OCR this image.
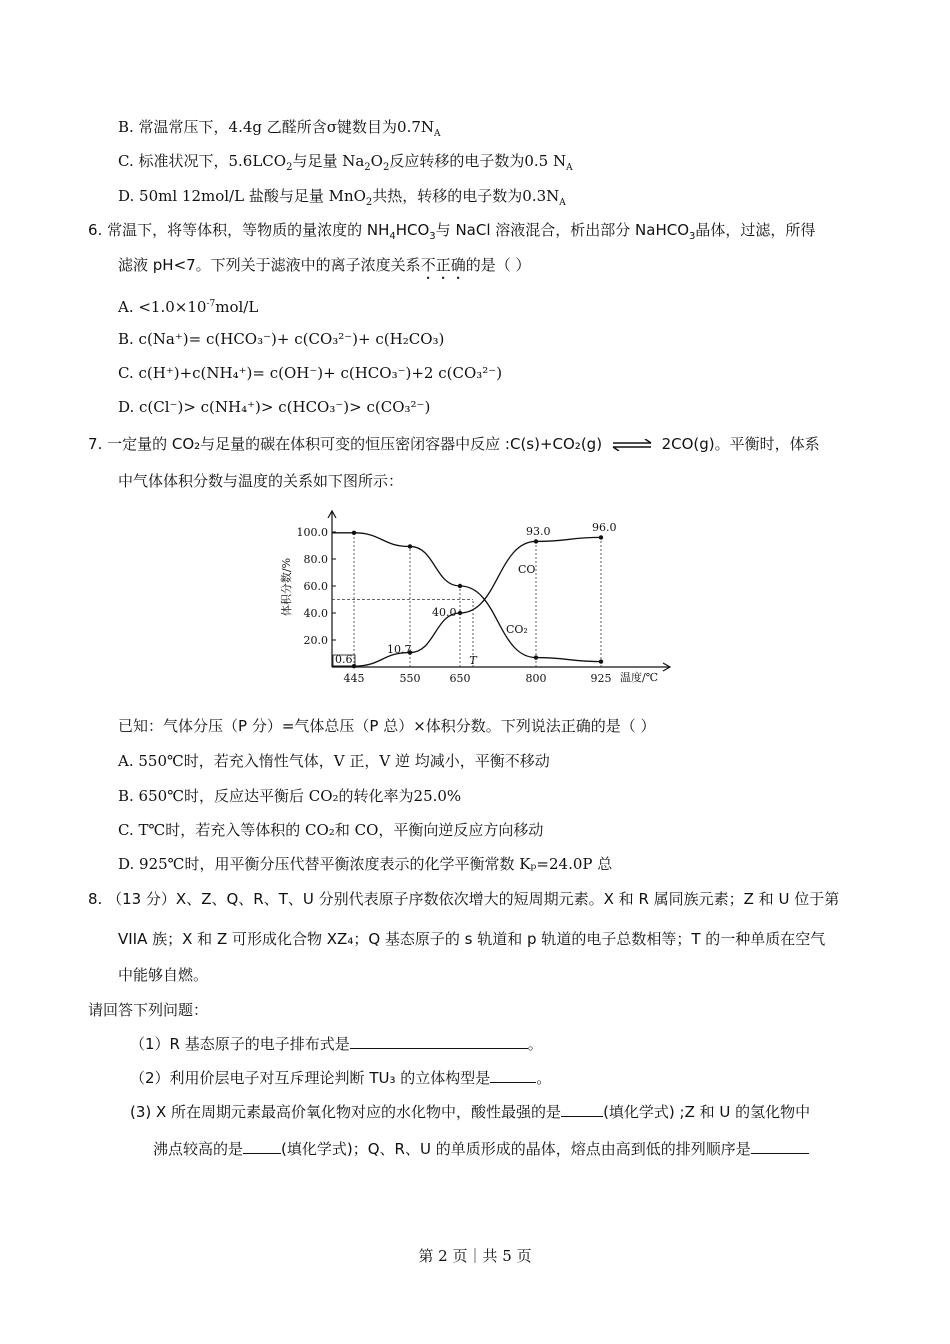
B. 常温常压下，4.4g 乙醛所含σ键数目为$0.7N_A$
C. 标准状况下，$5.6LCO_2$与足量 $Na_2O_2$反应转移的电子数为0.5 $N_A$
D. 50ml 12mol/L 盐酸与足量 MnO$_2$共热，转移的电子数为$0.3N_A$
6. 常温下，将等体积，等物质的量浓度的 $NH_4HCO_3$与 NaCl 溶液混合，析出部分 NaHCO$_3$晶体，过滤，所得
滤液 pH<7。下列关于滤液中的离子浓度关系不正确的是（ ）
A. $<1.0\times 10^{-7}mol/L$
B. c(Na⁺)= c(HCO₃⁻)+ c(CO₃²⁻)+ c(H₂CO₃)
C. c(H⁺)+c(NH₄⁺)= c(OH⁻)+ c(HCO₃⁻)+2 c(CO₃²⁻)
D. c(Cl⁻)> c(NH₄⁺)> c(HCO₃⁻)> c(CO₃²⁻)
7. 一定量的 CO₂与足量的碳在体积可变的恒压密闭容器中反应 :C(s)+CO₂(g) ⇌ 2CO(g)。平衡时，体系
中气体体积分数与温度的关系如下图所示：
体积分数/%
温度/℃
20.0
40.0
60.0
80.0
100.0
445	550	650
T
800	925
CO
CO₂
0.6
10.7
40.0
93.0	96.0
已知：气体分压（P 分）=气体总压（P 总）×体积分数。下列说法正确的是（ ）
A. 550℃时，若充入惰性气体，V 正，V 逆 均减小，平衡不移动
B. 650℃时，反应达平衡后 CO₂的转化率为25.0%
C. T℃时，若充入等体积的 CO₂和 CO，平衡向逆反应方向移动
D. 925℃时，用平衡分压代替平衡浓度表示的化学平衡常数 Kₚ=24.0P 总
8. （13 分）X、Z、Q、R、T、U 分别代表原子序数依次增大的短周期元素。X 和 R 属同族元素；Z 和 U 位于第
VIIA 族；X 和 Z 可形成化合物 XZ₄；Q 基态原子的 s 轨道和 p 轨道的电子总数相等；T 的一种单质在空气
中能够自燃。
请回答下列问题：
（1）R 基态原子的电子排布式是	。
（2）利用价层电子对互斥理论判断 TU₃ 的立体构型是	。
(3) X 所在周期元素最高价氧化物对应的水化物中，酸性最强的是	(填化学式) ;Z 和 U 的氢化物中
沸点较高的是	(填化学式)；Q、R、U 的单质形成的晶体，熔点由高到低的排列顺序是
第 2 页｜共 5 页
